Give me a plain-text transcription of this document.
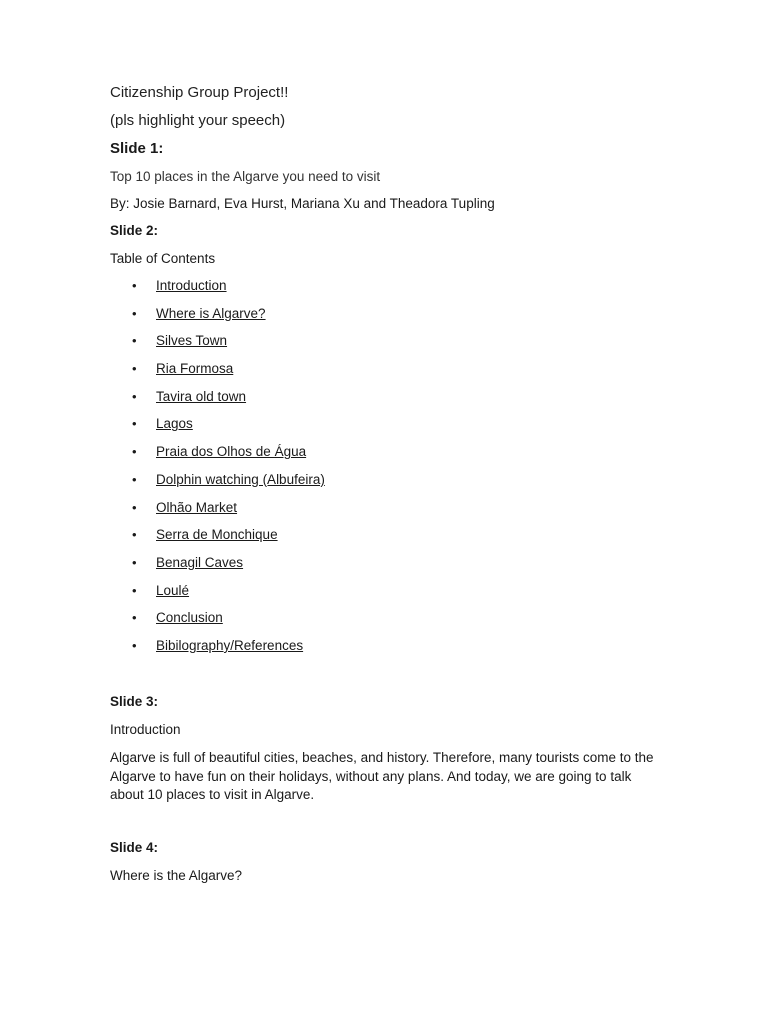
Citizenship Group Project!!
(pls highlight your speech)
Slide 1:
Top 10 places in the Algarve you need to visit
By: Josie Barnard, Eva Hurst, Mariana Xu and Theadora Tupling
Slide 2:
Table of Contents
• Introduction
• Where is Algarve?
• Silves Town
• Ria Formosa
• Tavira old town
• Lagos
• Praia dos Olhos de Água
• Dolphin watching (Albufeira)
• Olhão Market
• Serra de Monchique
• Benagil Caves
• Loulé
• Conclusion
• Bibilography/References
Slide 3:
Introduction

Algarve is full of beautiful cities, beaches, and history. Therefore, many tourists come to the Algarve to have fun on their holidays, without any plans. And today, we are going to talk about 10 places to visit in Algarve.

Slide 4:
Where is the Algarve?
